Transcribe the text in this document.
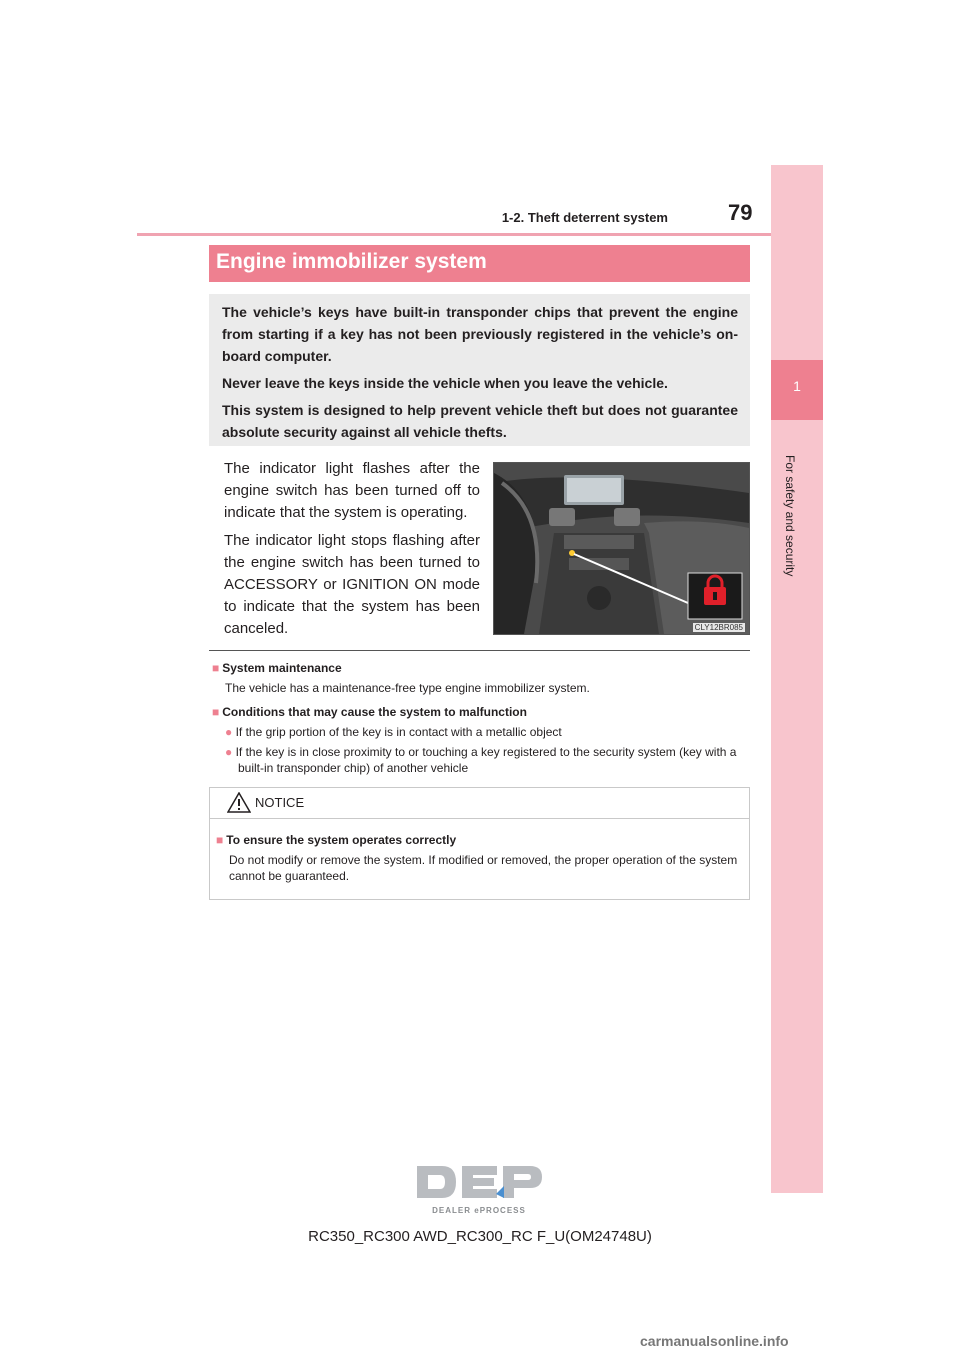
1-2. Theft deterrent system	79
1
For safety and security
Engine immobilizer system

The vehicle’s keys have built-in transponder chips that prevent the engine from starting if a key has not been previously registered in the vehicle’s on-board computer.

Never leave the keys inside the vehicle when you leave the vehicle.

This system is designed to help prevent vehicle theft but does not guarantee absolute security against all vehicle thefts.

The indicator light flashes after the engine switch has been turned off to indicate that the system is operating.

The indicator light stops flashing after the engine switch has been turned to ACCESSORY or IGNITION ON mode to indicate that the system has been canceled.	CLY12BR085

■ System maintenance

The vehicle has a maintenance-free type engine immobilizer system.

■ Conditions that may cause the system to malfunction

● If the grip portion of the key is in contact with a metallic object

● If the key is in close proximity to or touching a key registered to the security system (key with a built-in transponder chip) of another vehicle

NOTICE

■ To ensure the system operates correctly

Do not modify or remove the system. If modified or removed, the proper operation of the system cannot be guaranteed.

DEALER ePROCESS
RC350_RC300 AWD_RC300_RC F_U(OM24748U)
carmanualsonline.info
